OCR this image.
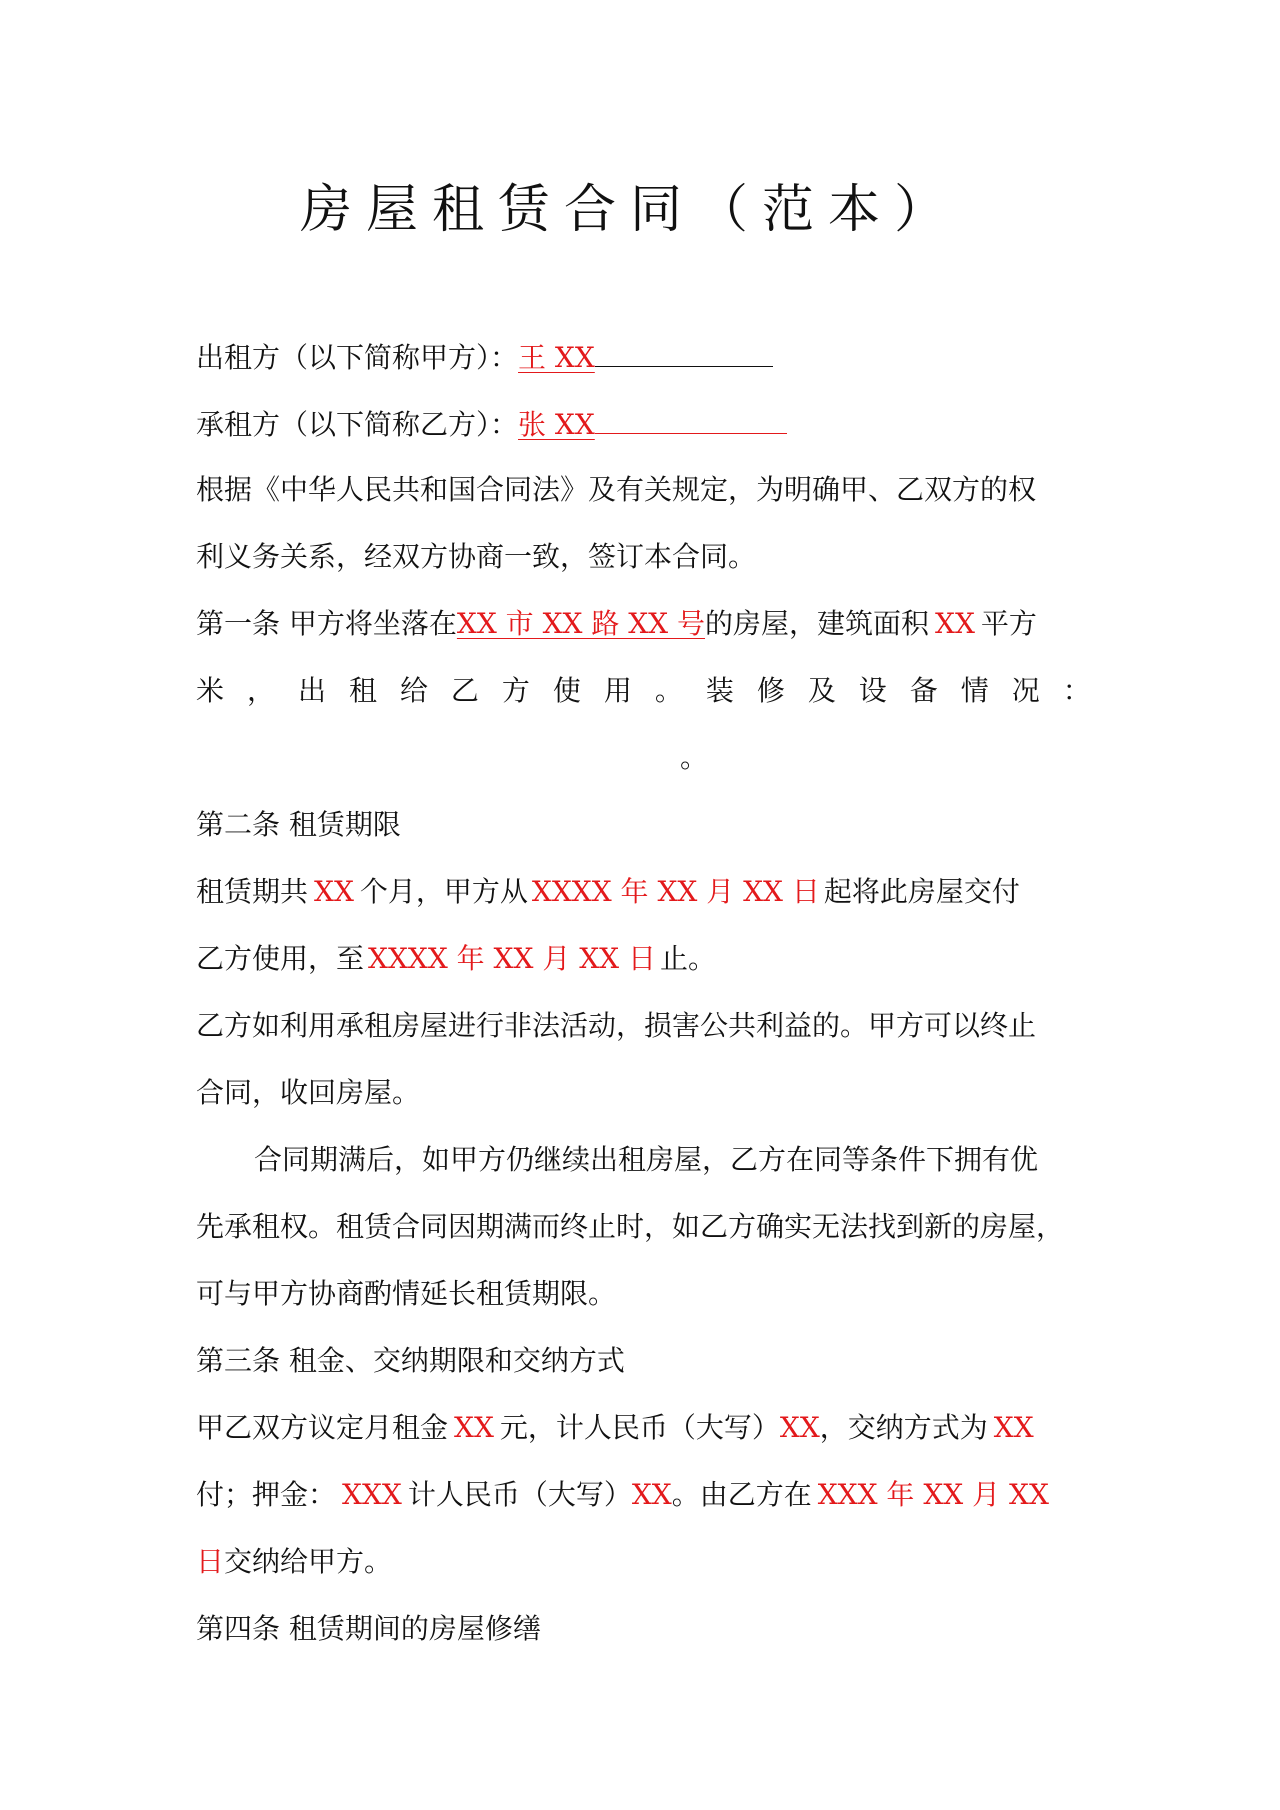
房屋租赁合同（范本）
出租方（以下简称甲方）：王 XX
承租方（以下简称乙方）：张 XX
根据《中华人民共和国合同法》及有关规定，为明确甲、乙双方的权
利义务关系，经双方协商一致，签订本合同。
第一条 甲方将坐落在XX 市 XX 路 XX 号的房屋，建筑面积 XX 平方
米 ， 出 租 给 乙 方 使 用 。 装 修 及 设 备 情 况 ：
。
第二条 租赁期限
租赁期共 XX 个月，甲方从 XXXX 年 XX 月 XX 日 起将此房屋交付
乙方使用，至 XXXX 年 XX 月 XX 日 止。
乙方如利用承租房屋进行非法活动，损害公共利益的。甲方可以终止
合同，收回房屋。
合同期满后，如甲方仍继续出租房屋，乙方在同等条件下拥有优
先承租权。租赁合同因期满而终止时，如乙方确实无法找到新的房屋，
可与甲方协商酌情延长租赁期限。
第三条 租金、交纳期限和交纳方式
甲乙双方议定月租金 XX 元，计人民币（大写）XX，交纳方式为 XX
付；押金： XXX 计人民币（大写）XX。由乙方在 XXX 年 XX 月 XX
日交纳给甲方。
第四条 租赁期间的房屋修缮
